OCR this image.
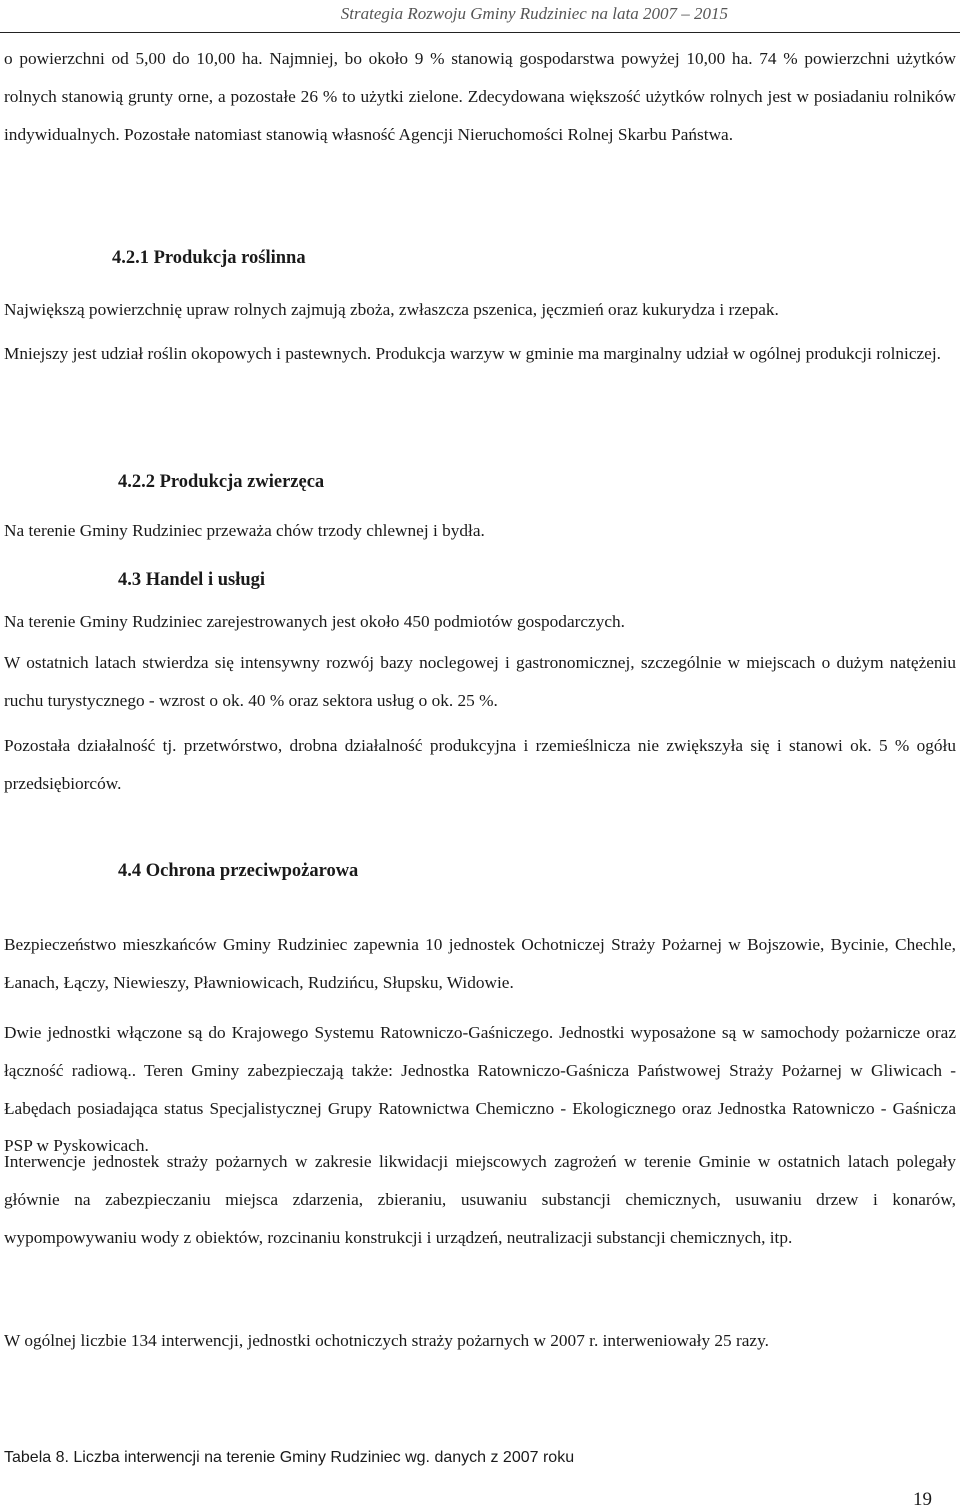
Strategia Rozwoju Gminy Rudziniec na lata 2007 – 2015

o powierzchni od 5,00 do 10,00 ha. Najmniej, bo około 9 % stanowią gospodarstwa powyżej 10,00 ha. 74 % powierzchni użytków rolnych stanowią grunty orne, a pozostałe 26 % to użytki zielone. Zdecydowana większość użytków rolnych jest w posiadaniu rolników indywidualnych. Pozostałe natomiast stanowią własność Agencji Nieruchomości Rolnej Skarbu Państwa.

4.2.1 Produkcja roślinna

Największą powierzchnię upraw rolnych zajmują zboża, zwłaszcza pszenica, jęczmień oraz kukurydza i rzepak.

Mniejszy jest udział roślin okopowych i pastewnych. Produkcja warzyw w gminie ma marginalny udział w ogólnej produkcji rolniczej.

4.2.2 Produkcja zwierzęca

Na terenie Gminy Rudziniec przeważa chów trzody chlewnej i bydła.

4.3 Handel i usługi

Na terenie Gminy Rudziniec zarejestrowanych jest około 450 podmiotów gospodarczych.

W ostatnich latach stwierdza się intensywny rozwój bazy noclegowej i gastronomicznej, szczególnie w miejscach o dużym natężeniu ruchu turystycznego - wzrost o ok. 40 % oraz sektora usług o ok. 25 %.

Pozostała działalność tj. przetwórstwo, drobna działalność produkcyjna i rzemieślnicza nie zwiększyła się i stanowi ok. 5 % ogółu przedsiębiorców.

4.4 Ochrona przeciwpożarowa

Bezpieczeństwo mieszkańców Gminy Rudziniec zapewnia 10 jednostek Ochotniczej Straży Pożarnej w Bojszowie, Bycinie, Chechle, Łanach, Łączy, Niewieszy, Pławniowicach, Rudzińcu, Słupsku, Widowie.

Dwie jednostki włączone są do Krajowego Systemu Ratowniczo-Gaśniczego. Jednostki wyposażone są w samochody pożarnicze oraz łączność radiową.. Teren Gminy zabezpieczają także: Jednostka Ratowniczo-Gaśnicza Państwowej Straży Pożarnej w Gliwicach - Łabędach posiadająca status Specjalistycznej Grupy Ratownictwa Chemiczno - Ekologicznego oraz Jednostka Ratowniczo - Gaśnicza PSP w Pyskowicach.

Interwencje jednostek straży pożarnych w zakresie likwidacji miejscowych zagrożeń w terenie Gminie w ostatnich latach polegały głównie na zabezpieczaniu miejsca zdarzenia, zbieraniu, usuwaniu substancji chemicznych, usuwaniu drzew i konarów, wypompowywaniu wody z obiektów, rozcinaniu konstrukcji i urządzeń, neutralizacji substancji chemicznych, itp.

W ogólnej liczbie 134 interwencji, jednostki ochotniczych straży pożarnych w 2007 r. interweniowały 25 razy.

Tabela 8. Liczba interwencji na terenie Gminy Rudziniec wg. danych z 2007 roku
19
